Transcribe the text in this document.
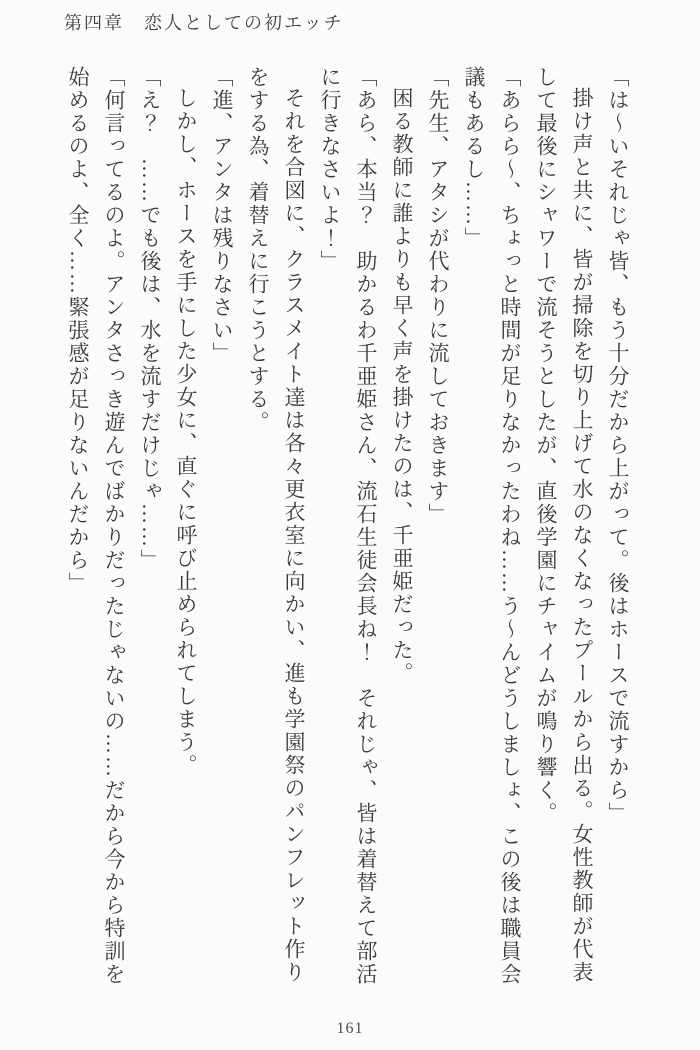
第四章　恋人としての初エッチ
「は〜いそれじゃ皆、もう十分だから上がって。後はホースで流すから」
掛け声と共に、皆が掃除を切り上げて水のなくなったプールから出る。女性教師が代表
して最後にシャワーで流そうとしたが、直後学園にチャイムが鳴り響く。
「あらら〜、ちょっと時間が足りなかったわね……う〜んどうしましょ、この後は職員会
議もあるし……」
「先生、アタシが代わりに流しておきます」
困る教師に誰よりも早く声を掛けたのは、千亜姫だった。
「あら、本当？　助かるわ千亜姫さん、流石生徒会長ね！　それじゃ、皆は着替えて部活
に行きなさいよ！」
それを合図に、クラスメイト達は各々更衣室に向かい、進も学園祭のパンフレット作り
をする為、着替えに行こうとする。
「進、アンタは残りなさい」
しかし、ホースを手にした少女に、直ぐに呼び止められてしまう。
「え？　……でも後は、水を流すだけじゃ……」
「何言ってるのよ。アンタさっき遊んでばかりだったじゃないの……だから今から特訓を
始めるのよ、全く……緊張感が足りないんだから」
161
